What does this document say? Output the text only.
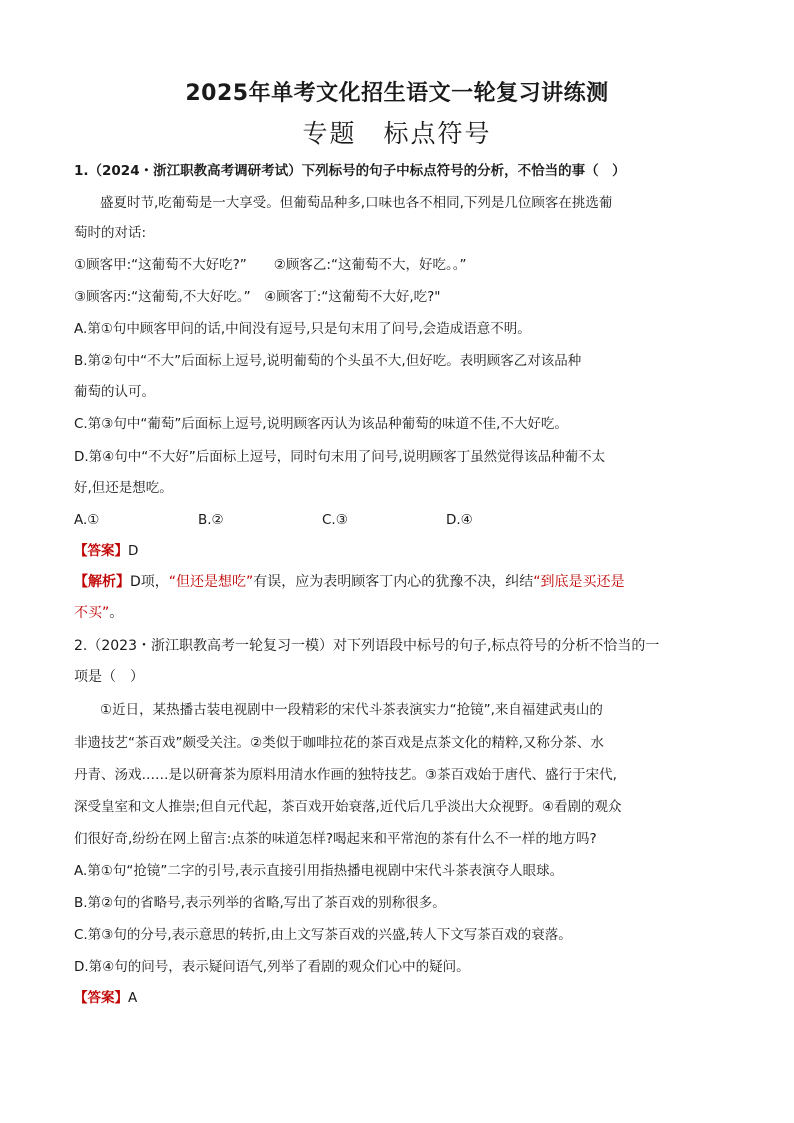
2025年单考文化招生语文一轮复习讲练测
专题　标点符号
1.（2024・浙江职教高考调研考试）下列标号的句子中标点符号的分析，不恰当的事（　）
盛夏时节,吃葡萄是一大享受。但葡萄品种多,口味也各不相同,下列是几位顾客在挑选葡
萄时的对话:
①顾客甲:“这葡萄不大好吃?”　　②顾客乙:“这葡萄不大，好吃。。”
③顾客丙:“这葡萄,不大好吃。”　④顾客丁:“这葡萄不大好,吃?"
A.第①句中顾客甲问的话,中间没有逗号,只是句末用了问号,会造成语意不明。
B.第②句中“不大”后面标上逗号,说明葡萄的个头虽不大,但好吃。表明顾客乙对该品种
葡萄的认可。
C.第③句中“葡萄”后面标上逗号,说明顾客丙认为该品种葡萄的味道不佳,不大好吃。
D.第④句中“不大好”后面标上逗号，同时句末用了问号,说明顾客丁虽然觉得该品种葡不太
好,但还是想吃。
A.①	B.②	C.③	D.④
【答案】D
【解析】D项，“但还是想吃”有误，应为表明顾客丁内心的犹豫不决，纠结“到底是买还是
不买”。
2.（2023・浙江职教高考一轮复习一模）对下列语段中标号的句子,标点符号的分析不恰当的一
项是（　）
①近日，某热播古装电视剧中一段精彩的宋代斗茶表演实力“抢镜”,来自福建武夷山的
非遗技艺“茶百戏”颇受关注。②类似于咖啡拉花的茶百戏是点茶文化的精粹,又称分茶、水
丹青、汤戏……是以研膏茶为原料用清水作画的独特技艺。③茶百戏始于唐代、盛行于宋代,
深受皇室和文人推崇;但自元代起，茶百戏开始衰落,近代后几乎淡出大众视野。④看剧的观众
们很好奇,纷纷在网上留言:点茶的味道怎样?喝起来和平常泡的茶有什么不一样的地方吗?
A.第①句“抢镜”二字的引号,表示直接引用指热播电视剧中宋代斗茶表演夺人眼球。
B.第②句的省略号,表示列举的省略,写出了茶百戏的别称很多。
C.第③句的分号,表示意思的转折,由上文写茶百戏的兴盛,转人下文写茶百戏的衰落。
D.第④句的问号，表示疑问语气,列举了看剧的观众们心中的疑问。
【答案】A
